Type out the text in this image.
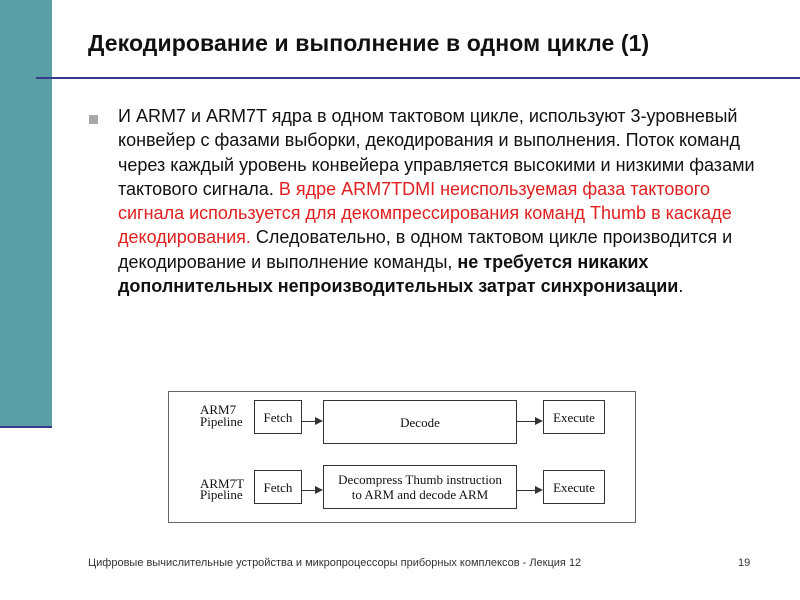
Декодирование и выполнение в одном цикле (1)
И ARM7 и ARM7T ядра в одном тактовом цикле, используют 3-уровневый конвейер с фазами выборки, декодирования и выполнения. Поток команд через каждый уровень конвейера управляется высокими и низкими фазами тактового сигнала. В ядре ARM7TDMI неиспользуемая фаза тактового сигнала используется для декомпрессирования команд Thumb в каскаде декодирования. Следовательно, в одном тактовом цикле производится и декодирование и выполнение команды, не требуется никаких дополнительных непроизводительных затрат синхронизации.
ARM7
Pipeline Fetch	Decode	Execute
ARM7T
Pipeline Fetch	Decompress Thumb instruction
to ARM and decode ARM	Execute
Цифровые вычислительные устройства и микропроцессоры приборных комплексов - Лекция 12	19
